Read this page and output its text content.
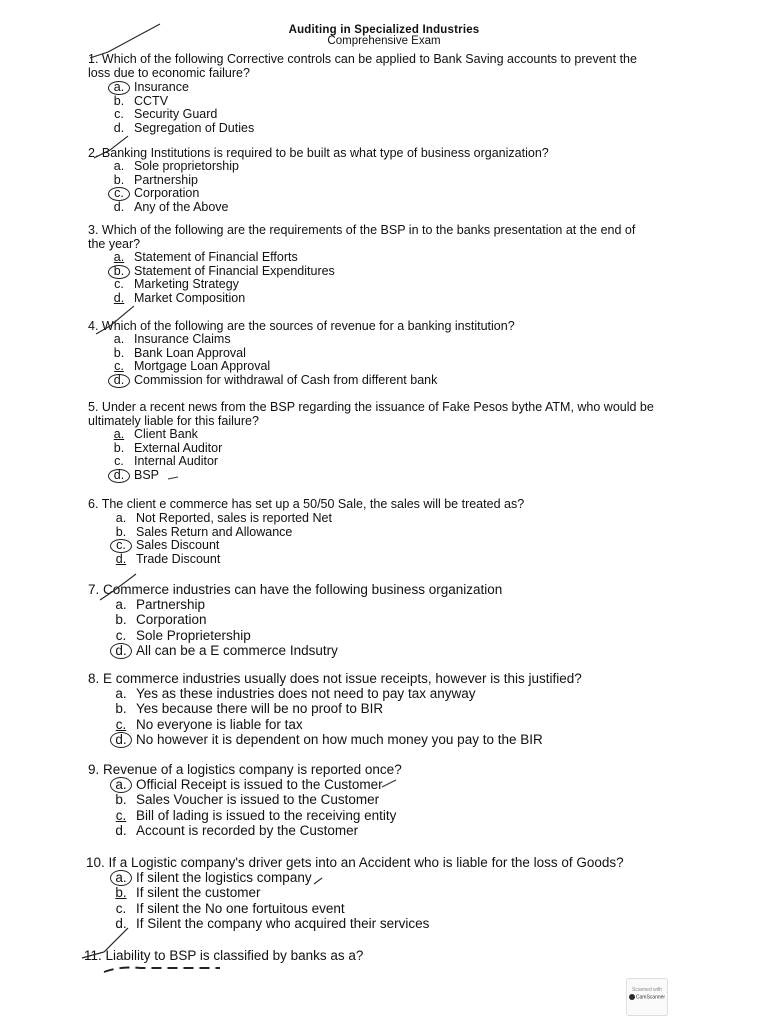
Auditing in Specialized Industries
Comprehensive Exam
1. Which of the following Corrective controls can be applied to Bank Saving accounts to prevent the loss due to economic failure?
a. Insurance
b. CCTV
c. Security Guard
d. Segregation of Duties
2. Banking Institutions is required to be built as what type of business organization?
a. Sole proprietorship
b. Partnership
c. Corporation
d. Any of the Above
3. Which of the following are the requirements of the BSP in to the banks presentation at the end of the year?
a. Statement of Financial Efforts
b. Statement of Financial Expenditures
c. Marketing Strategy
d. Market Composition
4. Which of the following are the sources of revenue for a banking institution?
a. Insurance Claims
b. Bank Loan Approval
c. Mortgage Loan Approval
d. Commission for withdrawal of Cash from different bank
5. Under a recent news from the BSP regarding the issuance of Fake Pesos bythe ATM, who would be ultimately liable for this failure?
a. Client Bank
b. External Auditor
c. Internal Auditor
d. BSP
6. The client e commerce has set up a 50/50 Sale, the sales will be treated as?
a. Not Reported, sales is reported Net
b. Sales Return and Allowance
c. Sales Discount
d. Trade Discount
7. Commerce industries can have the following business organization
a. Partnership
b. Corporation
c. Sole Proprietership
d. All can be a E commerce Indsutry
8. E commerce industries usually does not issue receipts, however is this justified?
a. Yes as these industries does not need to pay tax anyway
b. Yes because there will be no proof to BIR
c. No everyone is liable for tax
d. No however it is dependent on how much money you pay to the BIR
9. Revenue of a logistics company is reported once?
a. Official Receipt is issued to the Customer
b. Sales Voucher is issued to the Customer
c. Bill of lading is issued to the receiving entity
d. Account is recorded by the Customer
10. If a Logistic company's driver gets into an Accident who is liable for the loss of Goods?
a. If silent the logistics company
b. If silent the customer
c. If silent the No one fortuitous event
d. If Silent the company who acquired their services
11. Liability to BSP is classified by banks as a?
Scanned with
CamScanner
